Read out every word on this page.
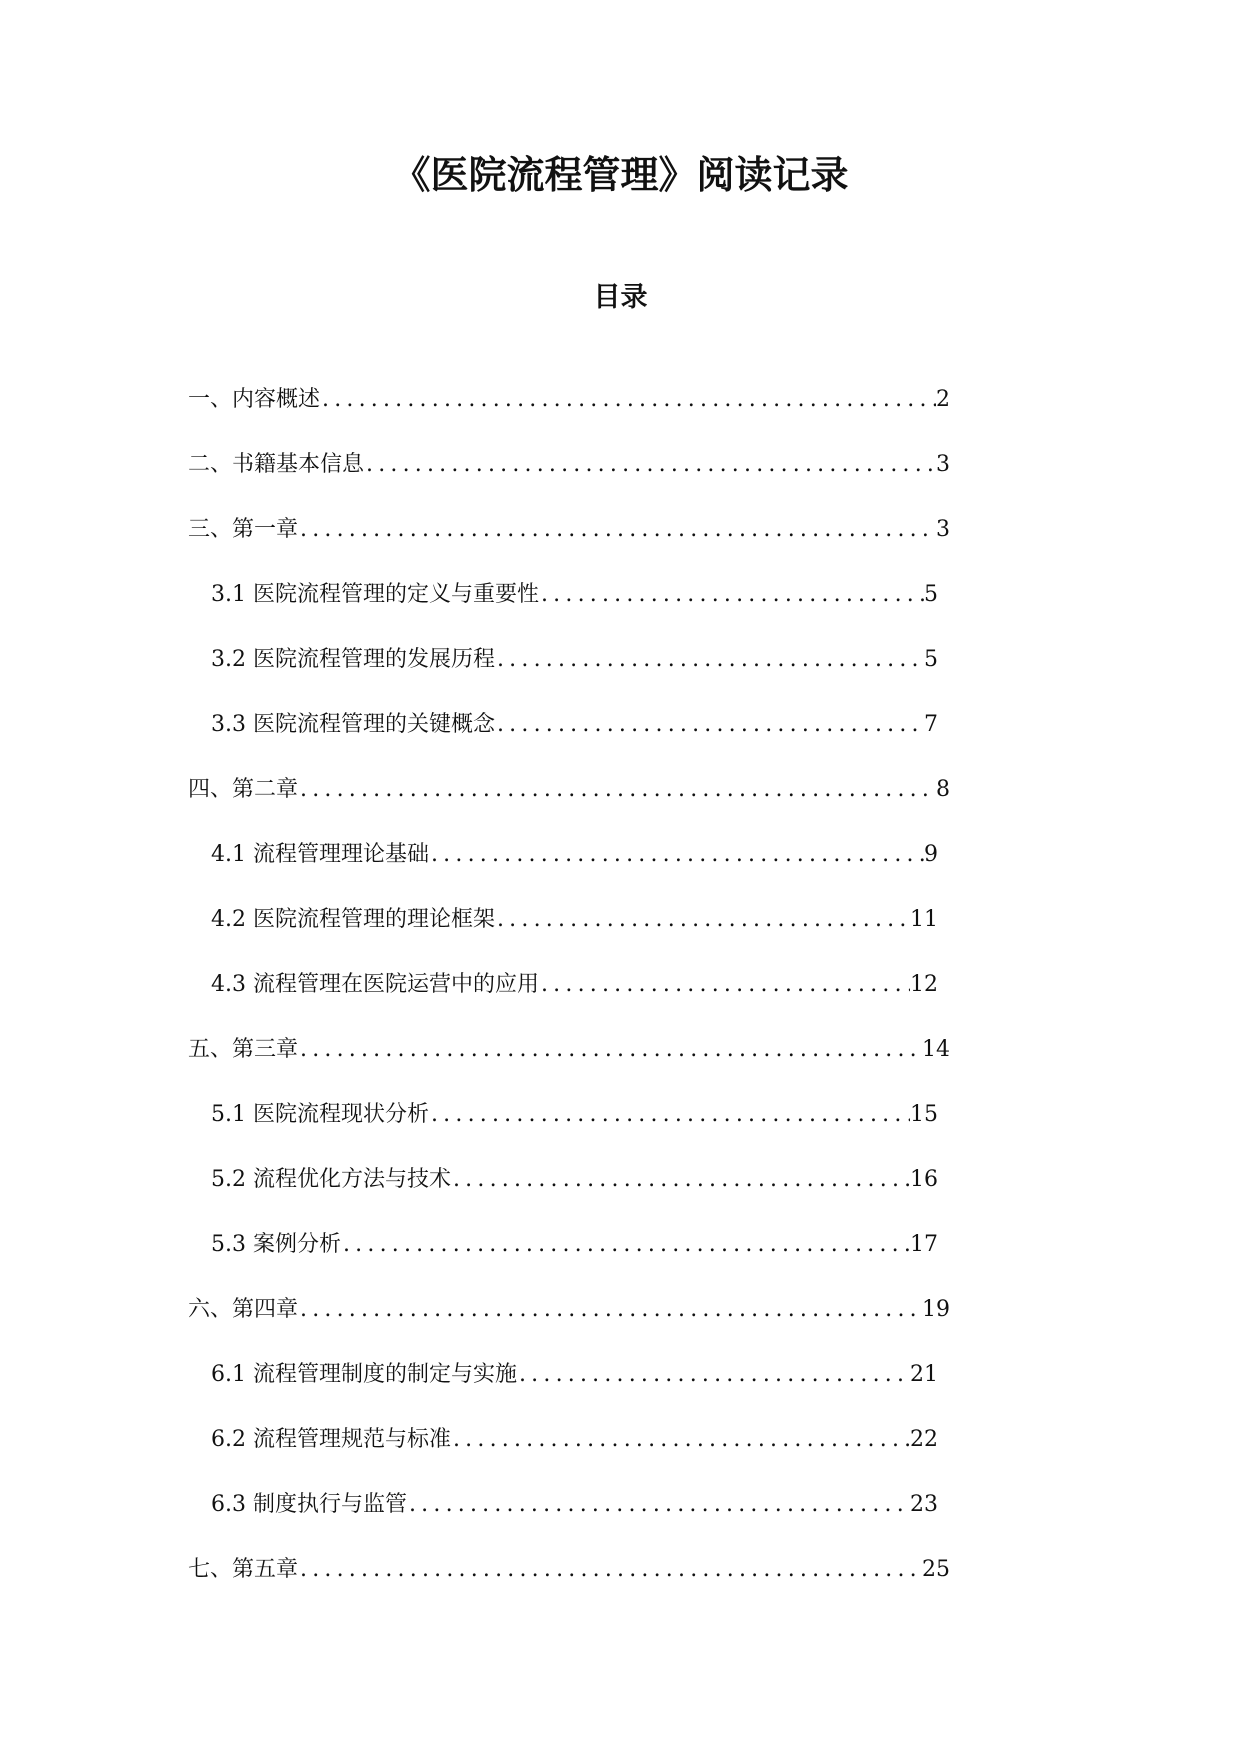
《医院流程管理》阅读记录
目录
一、内容概述 .....	2
二、书籍基本信息 .....	3
三、第一章 .....	3
3.1 医院流程管理的定义与重要性 .....	5
3.2 医院流程管理的发展历程 .....	5
3.3 医院流程管理的关键概念 .....	7
四、第二章 .....	8
4.1 流程管理理论基础 .....	9
4.2 医院流程管理的理论框架 .....	11
4.3 流程管理在医院运营中的应用 .....	12
五、第三章 .....	14
5.1 医院流程现状分析 .....	15
5.2 流程优化方法与技术 .....	16
5.3 案例分析 .....	17
六、第四章 .....	19
6.1 流程管理制度的制定与实施 .....	21
6.2 流程管理规范与标准 .....	22
6.3 制度执行与监管 .....	23
七、第五章 .....	25
